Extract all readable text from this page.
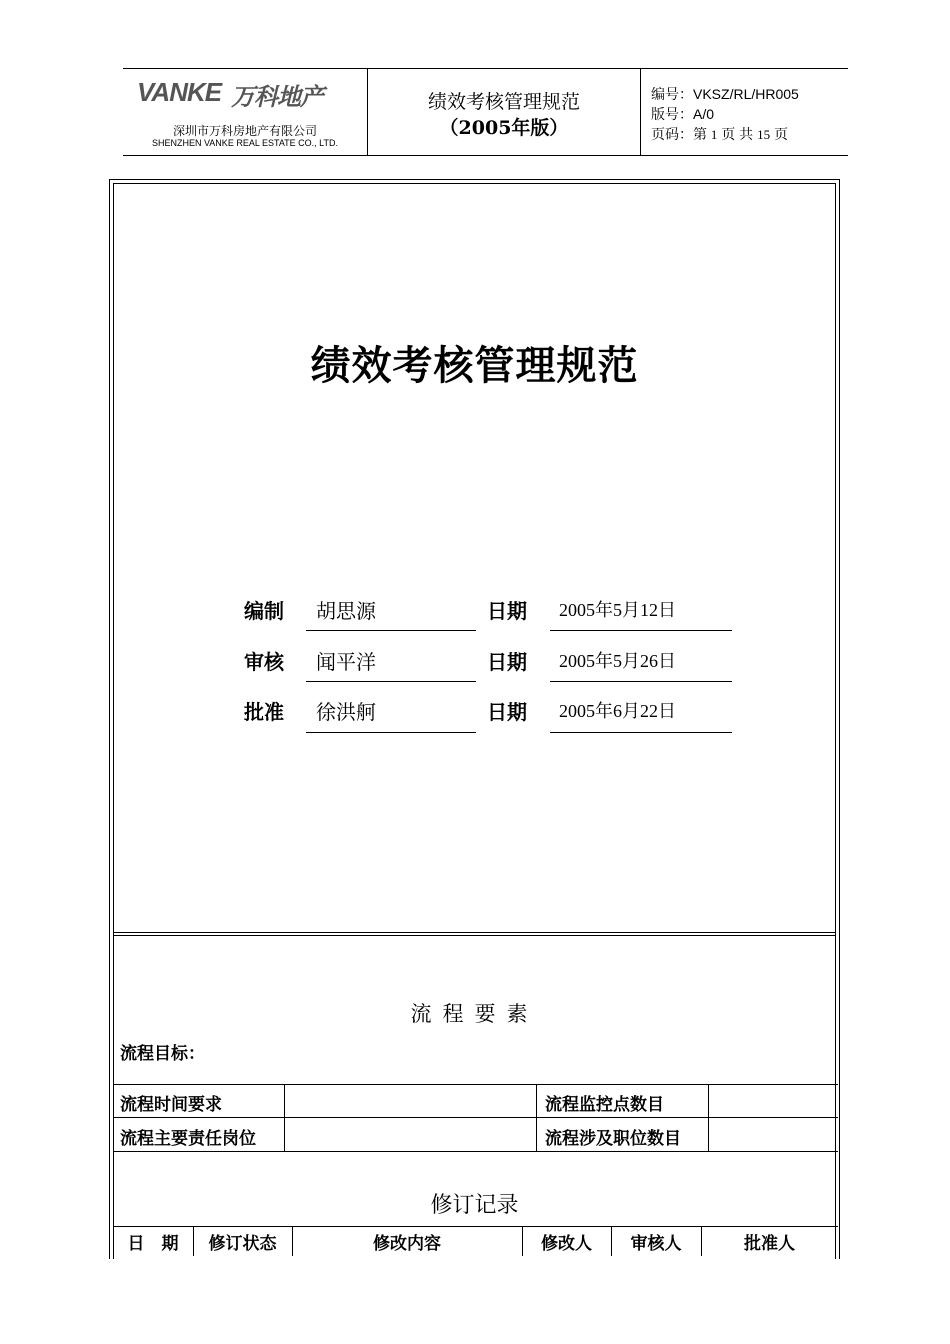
VANKE 万科地产
深圳市万科房地产有限公司
SHENZHEN VANKE REAL ESTATE CO., LTD.
绩效考核管理规范
（2005年版）
编号：VKSZ/RL/HR005
版号：A/0
页码：第 1 页 共 15 页
绩效考核管理规范
编制 胡思源	日期 2005年5月12日
审核 闻平洋	日期 2005年5月26日
批准 徐洪舸	日期 2005年6月22日
流程要素
流程目标：
流程时间要求	流程监控点数目
流程主要责任岗位	流程涉及职位数目
修订记录
日　期	修订状态	修改内容	修改人	审核人	批准人
